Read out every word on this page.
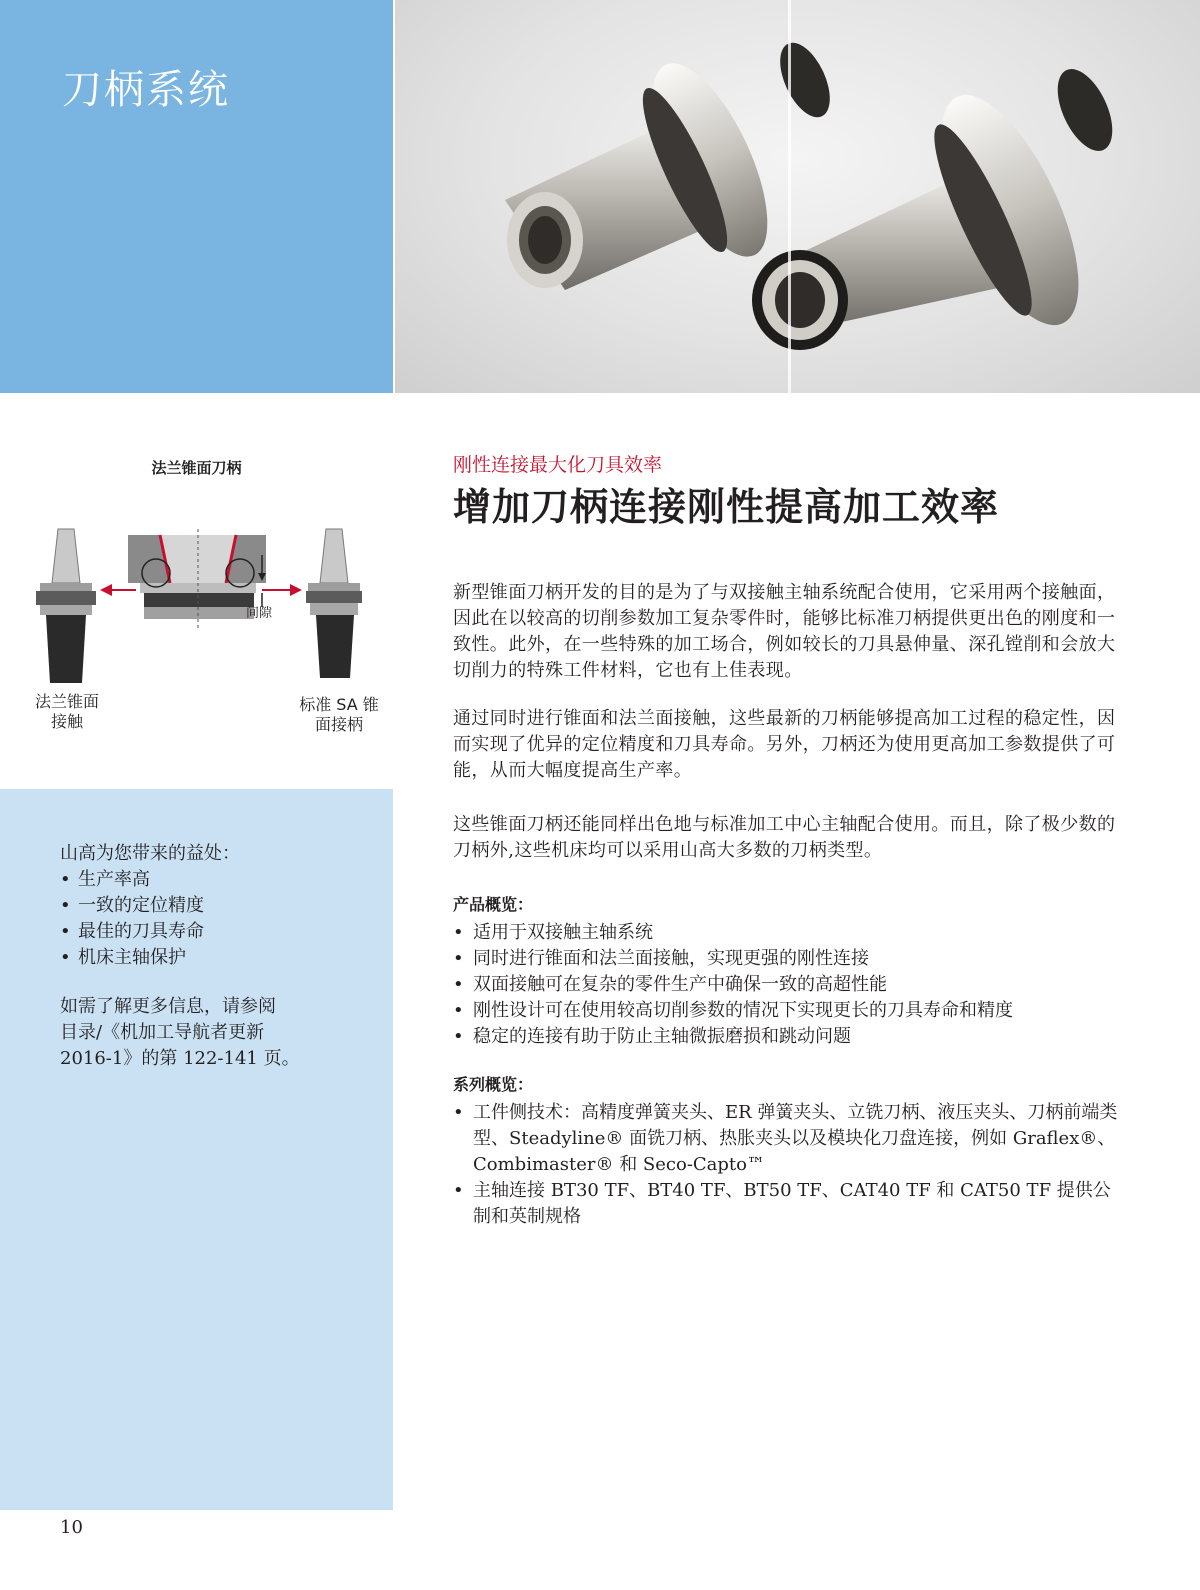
刀柄系统
法兰锥面刀柄
间隙
法兰锥面
接触
标准 SA 锥
面接柄
山高为您带来的益处：
• 生产率高
• 一致的定位精度
• 最佳的刀具寿命
• 机床主轴保护
如需了解更多信息，请参阅
目录/《机加工导航者更新
2016-1》的第 122-141 页。

刚性连接最大化刀具效率

增加刀柄连接刚性提高加工效率

新型锥面刀柄开发的目的是为了与双接触主轴系统配合使用，它采用两个接触面，因此在以较高的切削参数加工复杂零件时，能够比标准刀柄提供更出色的刚度和一致性。此外，在一些特殊的加工场合，例如较长的刀具悬伸量、深孔镗削和会放大切削力的特殊工件材料，它也有上佳表现。

通过同时进行锥面和法兰面接触，这些最新的刀柄能够提高加工过程的稳定性，因而实现了优异的定位精度和刀具寿命。另外，刀柄还为使用更高加工参数提供了可能，从而大幅度提高生产率。

这些锥面刀柄还能同样出色地与标准加工中心主轴配合使用。而且，除了极少数的刀柄外,这些机床均可以采用山高大多数的刀柄类型。

产品概览：
• 适用于双接触主轴系统
• 同时进行锥面和法兰面接触，实现更强的刚性连接
• 双面接触可在复杂的零件生产中确保一致的高超性能
• 刚性设计可在使用较高切削参数的情况下实现更长的刀具寿命和精度
• 稳定的连接有助于防止主轴微振磨损和跳动问题
系列概览：
• 工件侧技术：高精度弹簧夹头、ER 弹簧夹头、立铣刀柄、液压夹头、刀柄前端类型、Steadyline® 面铣刀柄、热胀夹头以及模块化刀盘连接，例如 Graflex®、Combimaster® 和 Seco-Capto™
• 主轴连接 BT30 TF、BT40 TF、BT50 TF、CAT40 TF 和 CAT50 TF 提供公制和英制规格
10
